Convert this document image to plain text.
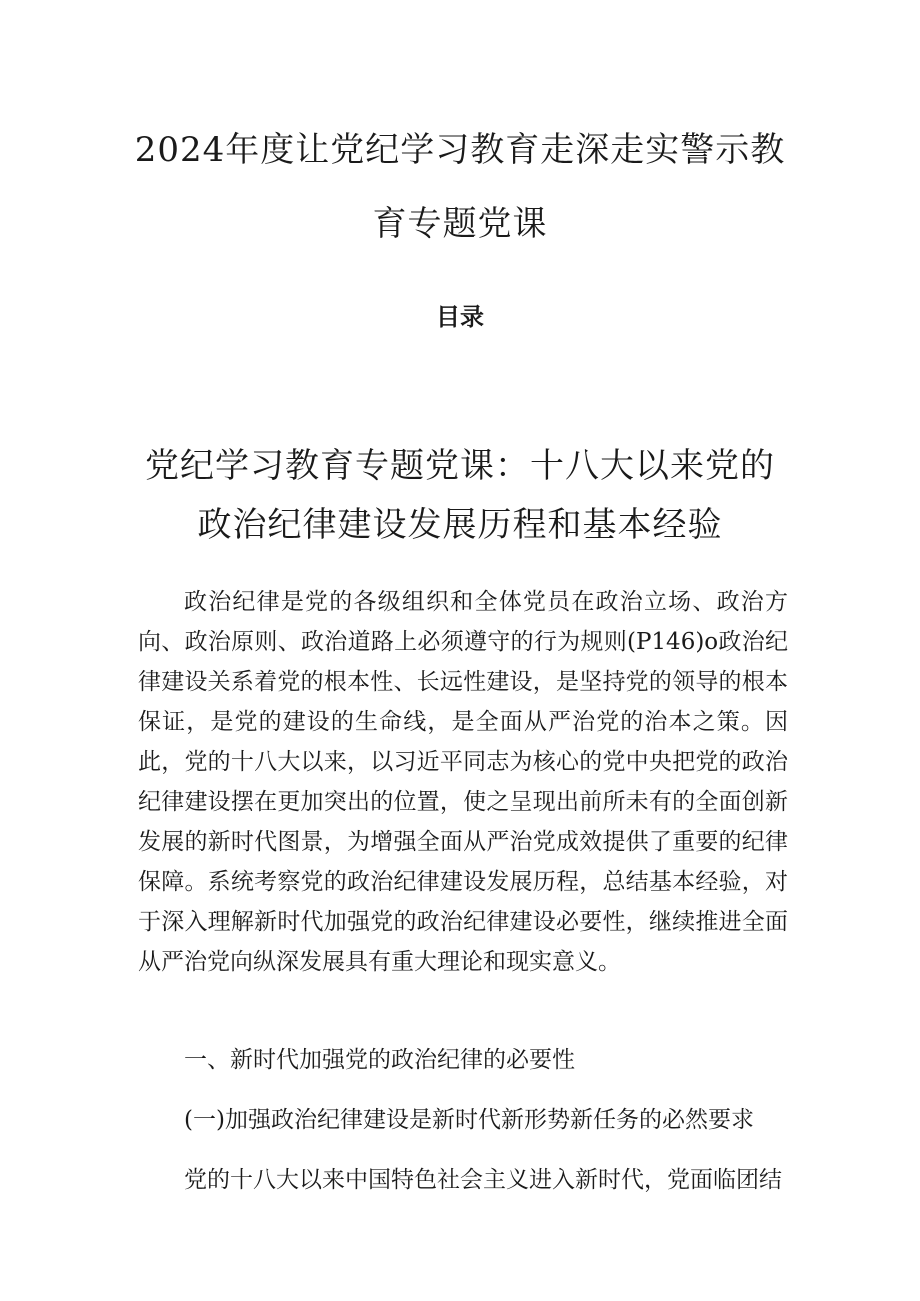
2024年度让党纪学习教育走深走实警示教
育专题党课
目录
党纪学习教育专题党课：十八大以来党的
政治纪律建设发展历程和基本经验

政治纪律是党的各级组织和全体党员在政治立场、政治方向、政治原则、政治道路上必须遵守的行为规则(P146)o政治纪律建设关系着党的根本性、长远性建设，是坚持党的领导的根本保证，是党的建设的生命线，是全面从严治党的治本之策。因此，党的十八大以来，以习近平同志为核心的党中央把党的政治纪律建设摆在更加突出的位置，使之呈现出前所未有的全面创新发展的新时代图景，为增强全面从严治党成效提供了重要的纪律保障。系统考察党的政治纪律建设发展历程，总结基本经验，对于深入理解新时代加强党的政治纪律建设必要性，继续推进全面从严治党向纵深发展具有重大理论和现实意义。

一、新时代加强党的政治纪律的必要性
(一)加强政治纪律建设是新时代新形势新任务的必然要求

党的十八大以来中国特色社会主义进入新时代，党面临团结
